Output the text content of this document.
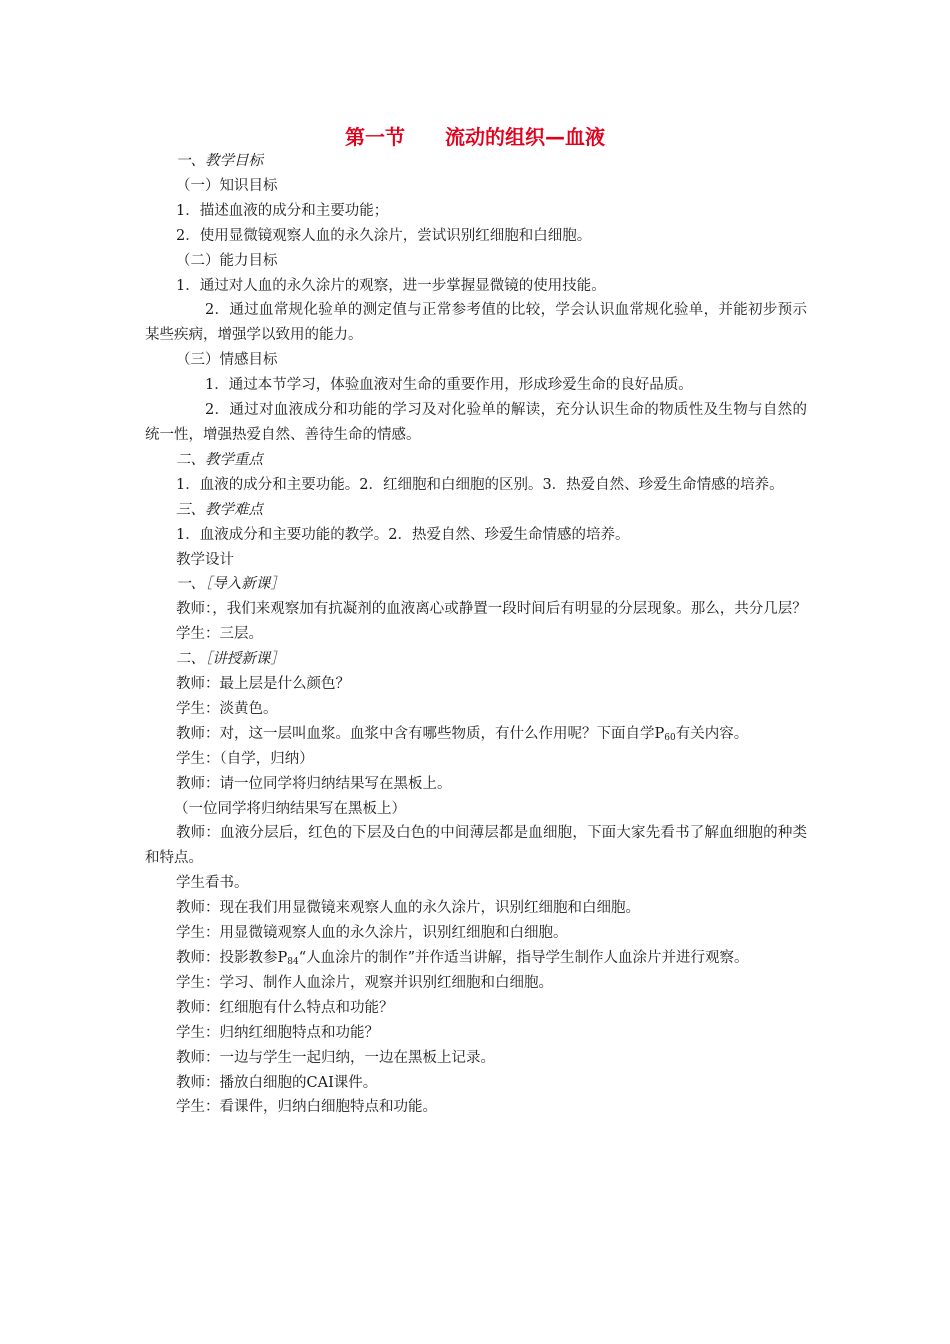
第一节　　流动的组织—血液

一、教学目标

（一）知识目标

1．描述血液的成分和主要功能；

2．使用显微镜观察人血的永久涂片，尝试识别红细胞和白细胞。

（二）能力目标

1．通过对人血的永久涂片的观察，进一步掌握显微镜的使用技能。

2．通过血常规化验单的测定值与正常参考值的比较，学会认识血常规化验单，并能初步预示某些疾病，增强学以致用的能力。

（三）情感目标

1．通过本节学习，体验血液对生命的重要作用，形成珍爱生命的良好品质。

2．通过对血液成分和功能的学习及对化验单的解读，充分认识生命的物质性及生物与自然的统一性，增强热爱自然、善待生命的情感。

二、教学重点

1．血液的成分和主要功能。2．红细胞和白细胞的区别。3．热爱自然、珍爱生命情感的培养。

三、教学难点

1．血液成分和主要功能的教学。2．热爱自然、珍爱生命情感的培养。

教学设计

一、［导入新课］

教师：，我们来观察加有抗凝剂的血液离心或静置一段时间后有明显的分层现象。那么，共分几层？

学生：三层。

二、［讲授新课］

教师：最上层是什么颜色？

学生：淡黄色。

教师：对，这一层叫血浆。血浆中含有哪些物质，有什么作用呢？下面自学$P_{60}$有关内容。

学生：（自学，归纳）

教师：请一位同学将归纳结果写在黑板上。

（一位同学将归纳结果写在黑板上）

教师：血液分层后，红色的下层及白色的中间薄层都是血细胞，下面大家先看书了解血细胞的种类和特点。

学生看书。

教师：现在我们用显微镜来观察人血的永久涂片，识别红细胞和白细胞。

学生：用显微镜观察人血的永久涂片，识别红细胞和白细胞。

教师：投影教参$P_{84}“$人血涂片的制作”并作适当讲解，指导学生制作人血涂片并进行观察。

学生：学习、制作人血涂片，观察并识别红细胞和白细胞。

教师：红细胞有什么特点和功能？

学生：归纳红细胞特点和功能？

教师：一边与学生一起归纳，一边在黑板上记录。

教师：播放白细胞的CAI课件。

学生：看课件，归纳白细胞特点和功能。
